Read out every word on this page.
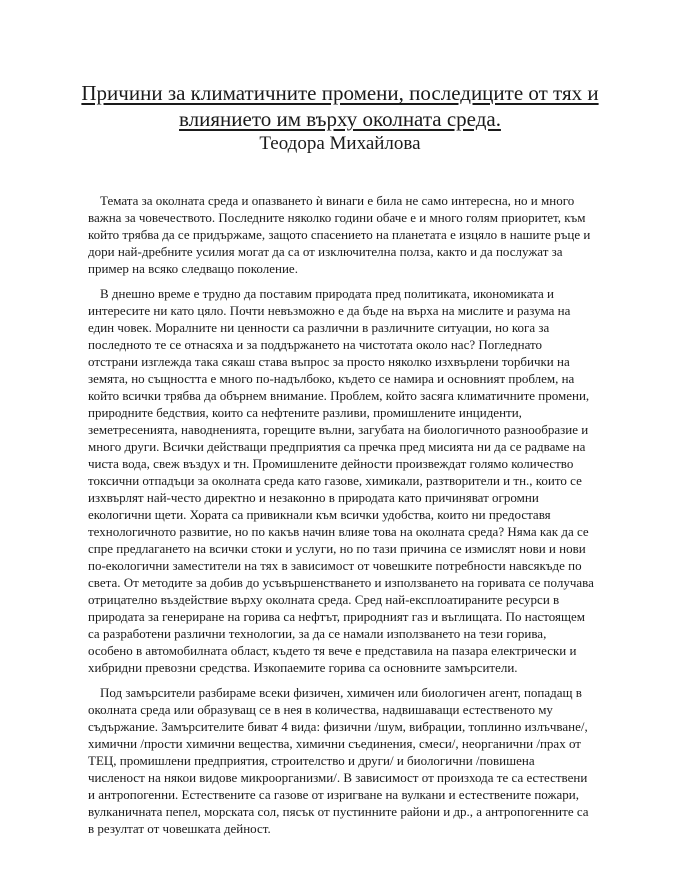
Причини за климатичните промени, последиците от тях и влиянието им върху околната среда.
Теодора Михайлова

Темата за околната среда и опазването ѝ винаги е била не само интересна, но и много важна за човечеството. Последните няколко години обаче е и много голям приоритет, към който трябва да се придържаме, защото спасението на планетата е изцяло в нашите ръце и дори най-дребните усилия могат да са от изключителна полза, както и да послужат за пример на всяко следващо поколение.

В днешно време е трудно да поставим природата пред политиката, икономиката и интересите ни като цяло. Почти невъзможно е да бъде на върха на мислите и разума на един човек. Моралните ни ценности са различни в различните ситуации, но кога за последното те се отнасяха и за поддържането на чистотата около нас? Погледнато отстрани изглежда така сякаш става въпрос за просто няколко изхвърлени торбички на земята, но същността е много по-надълбоко, където се намира и основният проблем, на който всички трябва да обърнем внимание. Проблем, който засяга климатичните промени, природните бедствия, които са нефтените разливи, промишлените инциденти, земетресенията, наводненията, горещите вълни, загубата на биологичното разнообразие и много други. Всички действащи предприятия са пречка пред мисията ни да се радваме на чиста вода, свеж въздух и тн. Промишлените дейности произвеждат голямо количество токсични отпадъци за околната среда като газове, химикали, разтворители и тн., които се изхвърлят най-често директно и незаконно в природата като причиняват огромни екологични щети. Хората са привикнали към всички удобства, които ни предоставя технологичното развитие, но по какъв начин влияе това на околната среда? Няма как да се спре предлагането на всички стоки и услуги, но по тази причина се измислят нови и нови по-екологични заместители на тях в зависимост от човешките потребности навсякъде по света. От методите за добив до усъвършенстването и използването на горивата се получава отрицателно въздействие върху околната среда. Сред най-експлоатираните ресурси в природата за генериране на горива са нефтът, природният газ и въглищата. По настоящем са разработени различни технологии, за да се намали използването на тези горива, особено в автомобилната област, където тя вече е представила на пазара електрически и хибридни превозни средства. Изкопаемите горива са основните замърсители.

Под замърсители разбираме всеки физичен, химичен или биологичен агент, попадащ в околната среда или образуващ се в нея в количества, надвишаващи естественото му съдържание. Замърсителите биват 4 вида: физични /шум, вибрации, топлинно излъчване/, химични /прости химични вещества, химични съединения, смеси/, неорганични /прах от ТЕЦ, промишлени предприятия, строителство и други/ и биологични /повишена численост на някои видове микроорганизми/. В зависимост от произхода те са естествени и антропогенни. Естествените са газове от изригване на вулкани и естествените пожари, вулканичната пепел, морската сол, пясък от пустинните райони и др., а антропогенните са в резултат от човешката дейност.
